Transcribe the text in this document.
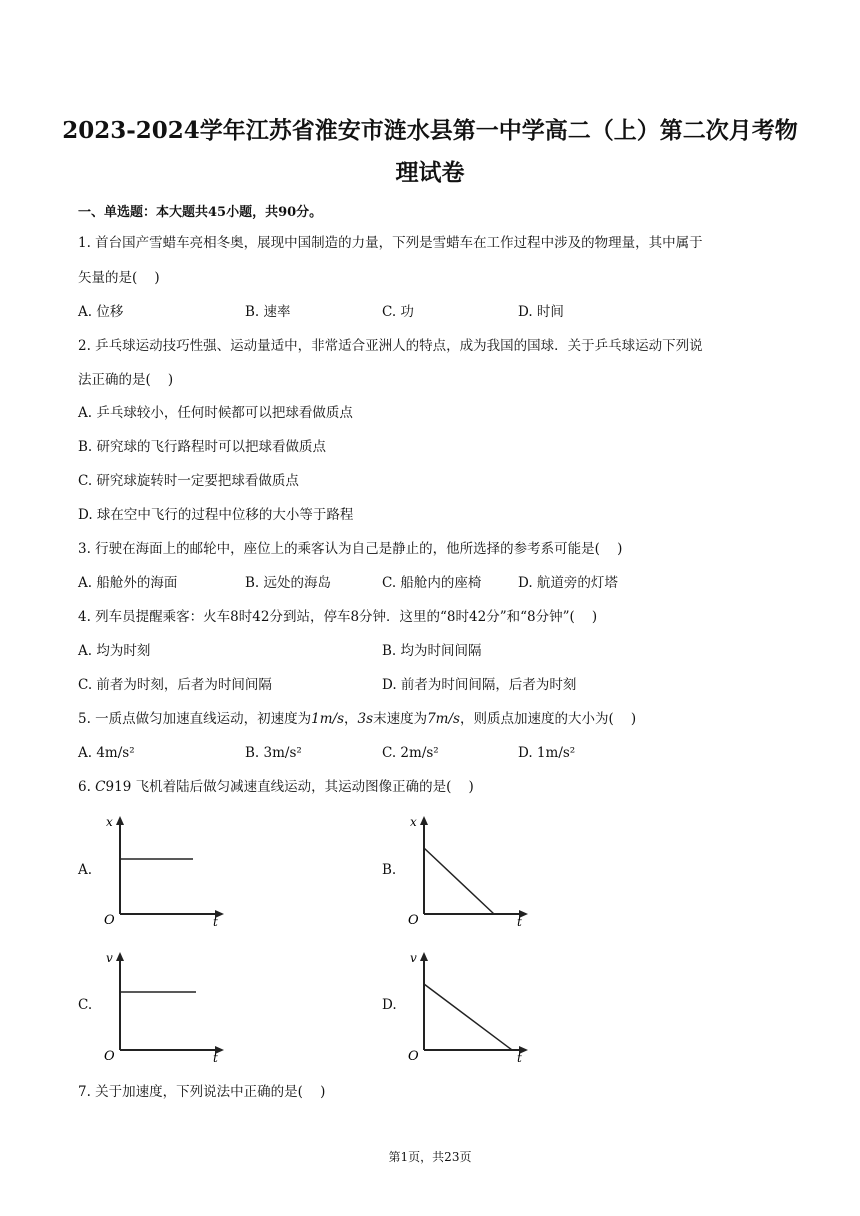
2023-2024学年江苏省淮安市涟水县第一中学高二（上）第二次月考物
理试卷
一、单选题：本大题共45小题，共90分。
1. 首台国产雪蜡车亮相冬奥，展现中国制造的力量，下列是雪蜡车在工作过程中涉及的物理量，其中属于
矢量的是(    )
A. 位移	B. 速率	C. 功	D. 时间
2. 乒乓球运动技巧性强、运动量适中，非常适合亚洲人的特点，成为我国的国球．关于乒乓球运动下列说
法正确的是(    )
A. 乒乓球较小，任何时候都可以把球看做质点
B. 研究球的飞行路程时可以把球看做质点
C. 研究球旋转时一定要把球看做质点
D. 球在空中飞行的过程中位移的大小等于路程
3. 行驶在海面上的邮轮中，座位上的乘客认为自己是静止的，他所选择的参考系可能是(    )
A. 船舱外的海面	B. 远处的海岛	C. 船舱内的座椅	D. 航道旁的灯塔
4. 列车员提醒乘客：火车8时42分到站，停车8分钟．这里的“8时42分”和“8分钟”(    )
A. 均为时刻	B. 均为时间间隔
C. 前者为时刻，后者为时间间隔	D. 前者为时间间隔，后者为时刻
5. 一质点做匀加速直线运动，初速度为1m/s，3s末速度为7m/s，则质点加速度的大小为(    )
A. 4m/s²	B. 3m/s²	C. 2m/s²	D. 1m/s²
6. C919 飞机着陆后做匀减速直线运动，其运动图像正确的是(    )
A.
x
O	t
B.
x
O	t
C.
v
O	t
D.
v
O	t
7. 关于加速度，下列说法中正确的是(    )
第1页，共23页
